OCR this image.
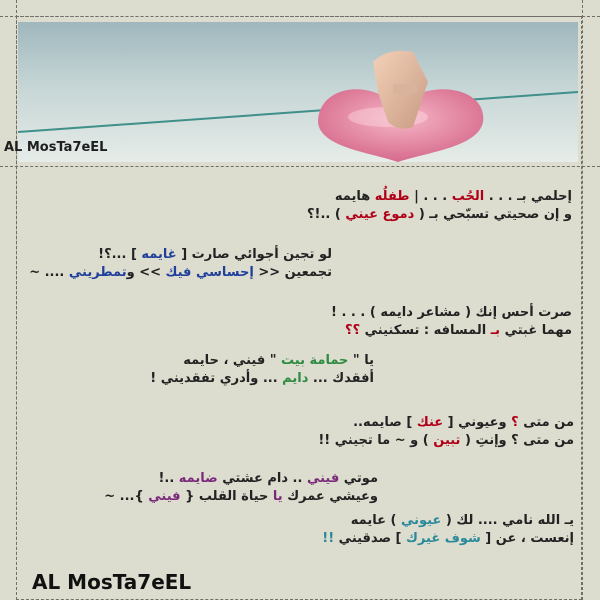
AL MosTa7eEL
إحلمي بـ . . . الحُب . . . | طفلُه هايمه
و إن صحيتي تسبّحي بـ ( دموع عيني ) ..!؟
لو تجين أجوائي صارت [ غايمه ] ...؟!
تجمعين << إحساسي فيك >> وتمطريني .... ~
صرت أحس إنك ( مشاعر دايمه ) . . . !
مهما غبتي بـ المسافه : تسكنيني ؟؟
يا " حمامة بيت " فيني ، حايمه
أفقدك ... دايم ... وأدري تفقديني !
من متى ؟ وعيوني [ عنك ] صايمه..
من متى ؟ وإنتِ ( تبين ) و ~ ما تجيني !!
موتي فيني .. دام عشتي ضايمه ..!
وعيشي عمرك يا حياة القلب { فيني }... ~
يـ الله نامي .... لك ( عيوني ) عايمه
إنعست ، عن [ شوف غيرك ] صدقيني !!
AL MosTa7eEL
